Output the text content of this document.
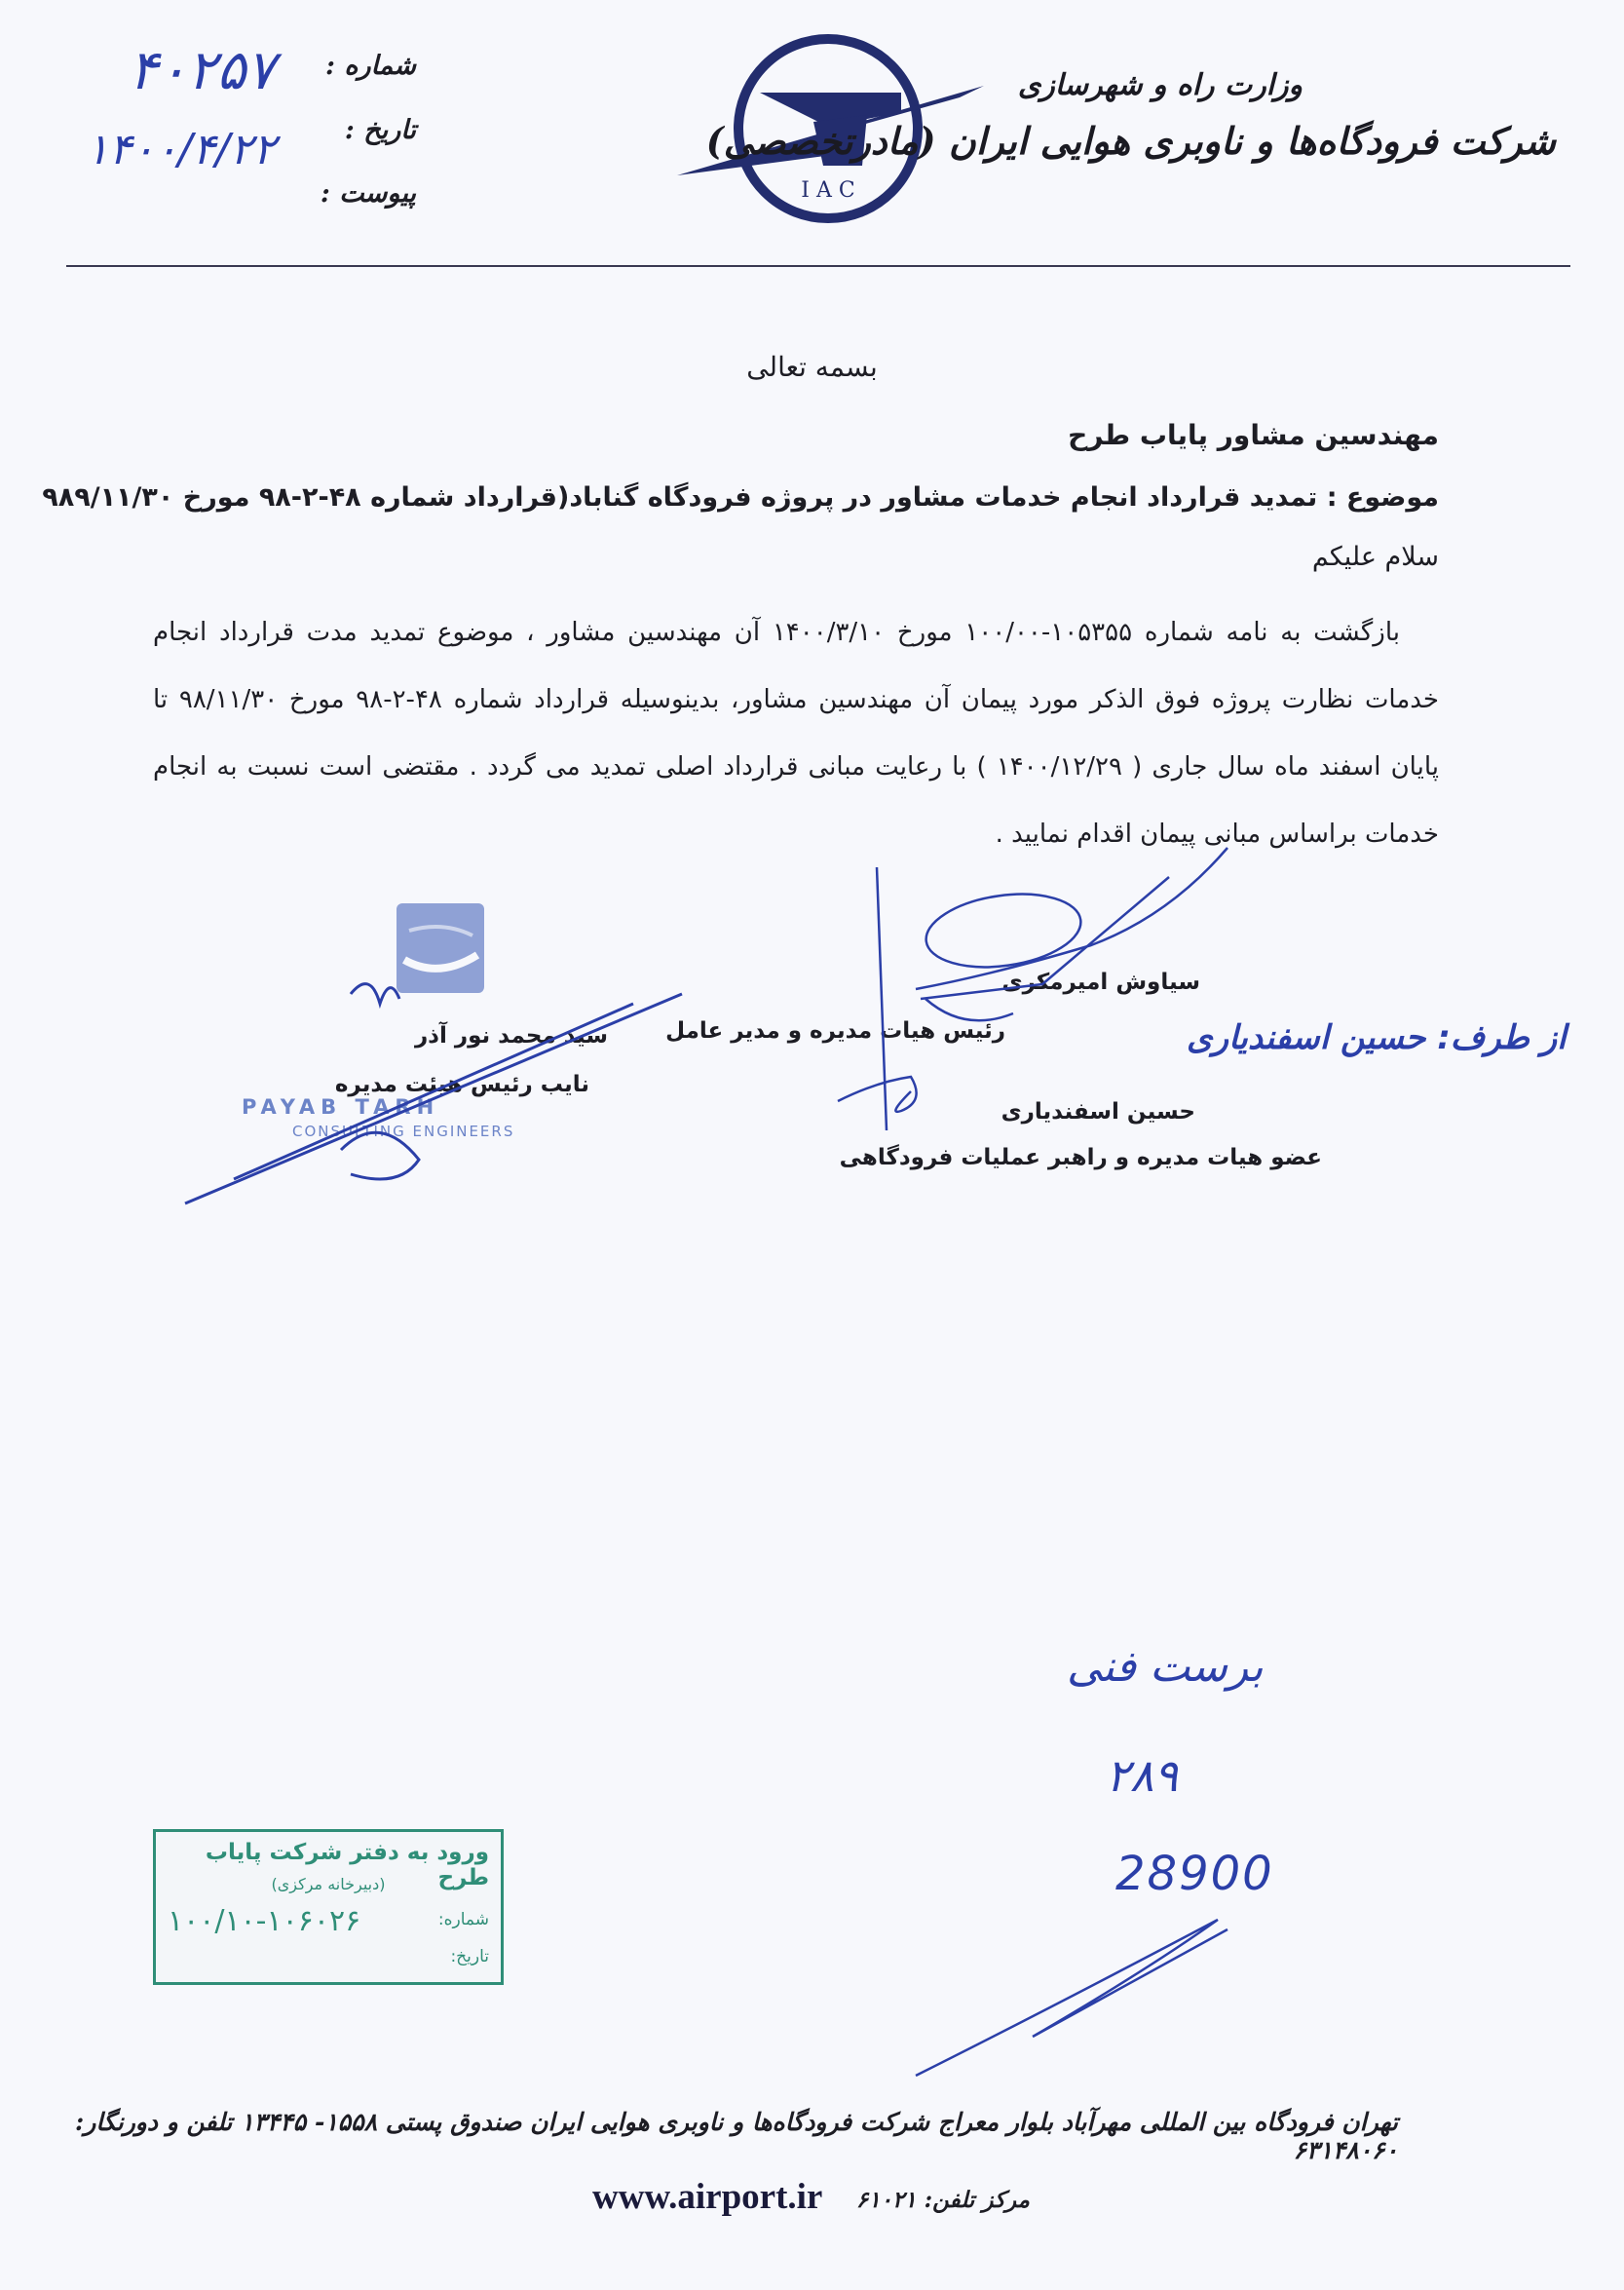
I A C
وزارت راه و شهرسازی
شرکت فرودگاه‌ها و ناوبری هوایی ایران (مادرتخصصی)
شماره :
تاریخ :
پیوست :
۴۰۲۵۷
۱۴۰۰/۴/۲۲
بسمه تعالی
مهندسین مشاور پایاب طرح
موضوع : تمدید قرارداد انجام خدمات مشاور در پروژه فرودگاه گناباد(قرارداد شماره ۴۸-۲-۹۸ مورخ ۹۸۹/۱۱/۳۰
سلام علیکم
بازگشت به نامه شماره ۱۰۵۳۵۵-۱۰۰/۰۰ مورخ ۱۴۰۰/۳/۱۰ آن مهندسین مشاور ، موضوع تمدید مدت قرارداد انجام خدمات نظارت پروژه فوق الذکر مورد پیمان آن مهندسین مشاور، بدینوسیله قرارداد شماره ۴۸-۲-۹۸ مورخ ۹۸/۱۱/۳۰ تا پایان اسفند ماه سال جاری ( ۱۴۰۰/۱۲/۲۹ ) با رعایت مبانی قرارداد اصلی تمدید می گردد . مقتضی است نسبت به انجام خدمات براساس مبانی پیمان اقدام نمایید .
PAYAB TARH
CONSULTING ENGINEERS
سیاوش امیرمکری
رئیس هیات مدیره و مدیر عامل	از طرف: حسین اسفندیاری
حسین اسفندیاری
عضو هیات مدیره و راهبر عملیات فرودگاهی
سید محمد نور آذر
نایب رئیس هیئت مدیره
ورود به دفتر شرکت پایاب طرح
(دبیرخانه مرکزی)
شماره:
تاریخ:
۱۰۰/۱۰-۱۰۶۰۲۶
برست فنی
۲۸۹
28900
تهران فرودگاه بین المللی مهرآباد بلوار معراج شرکت فرودگاه‌ها و ناوبری هوایی ایران صندوق پستی ۱۵۵۸- ۱۳۴۴۵ تلفن و دورنگار: ۶۳۱۴۸۰۶۰
www.airport.ir مرکز تلفن: ۶۱۰۲۱
